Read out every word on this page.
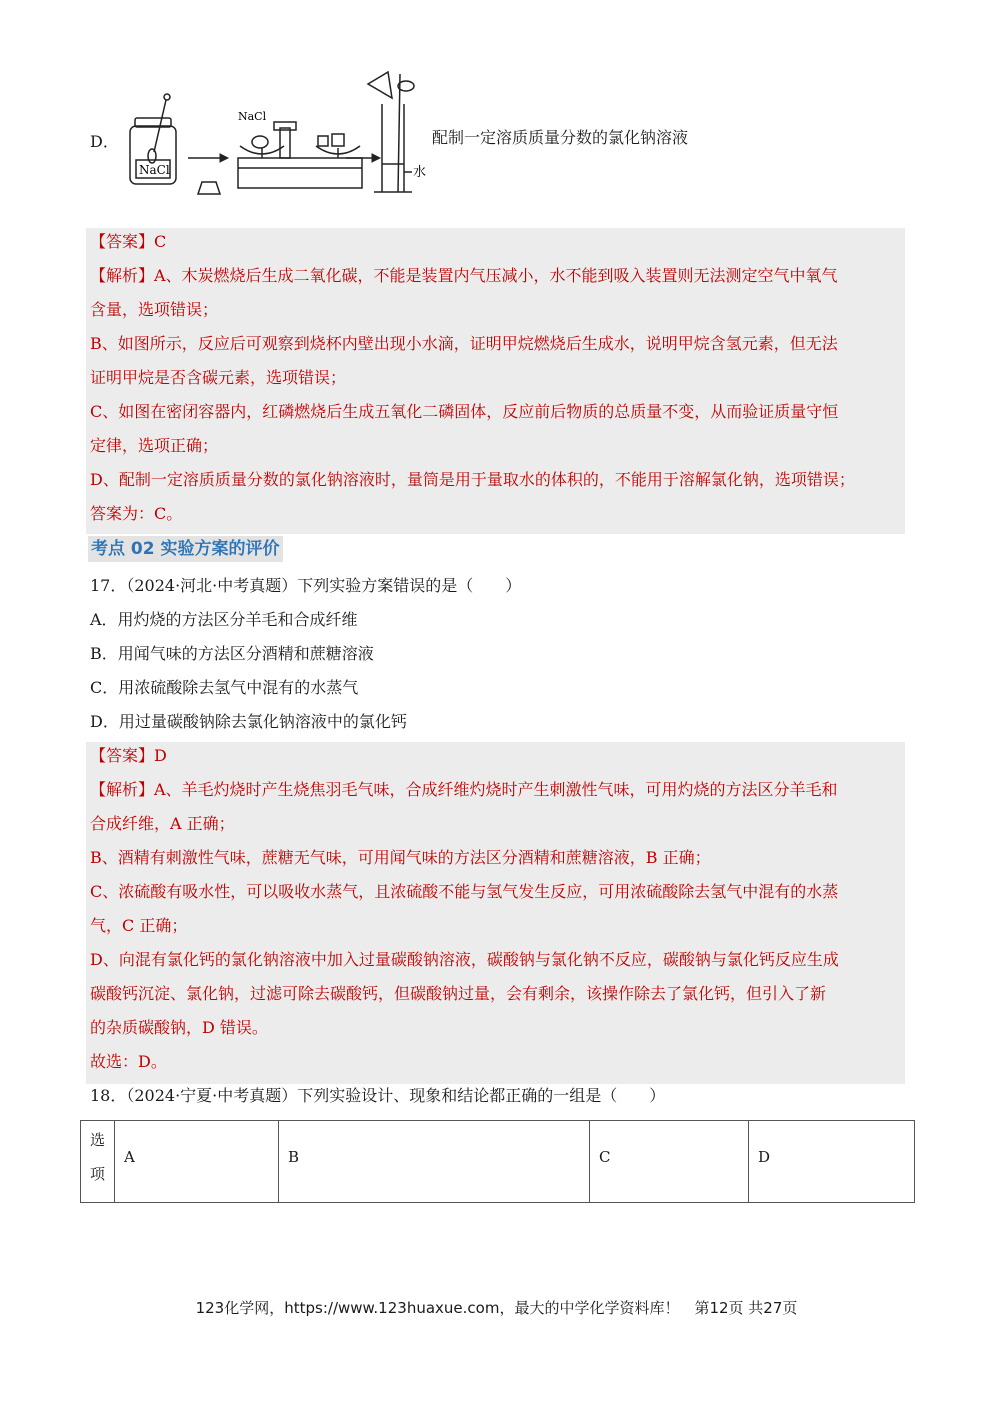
D．
NaCl
NaCl
水
配制一定溶质质量分数的氯化钠溶液
【答案】C
【解析】A、木炭燃烧后生成二氧化碳，不能是装置内气压减小，水不能到吸入装置则无法测定空气中氧气
含量，选项错误；
B、如图所示，反应后可观察到烧杯内壁出现小水滴，证明甲烷燃烧后生成水，说明甲烷含氢元素，但无法
证明甲烷是否含碳元素，选项错误；
C、如图在密闭容器内，红磷燃烧后生成五氧化二磷固体，反应前后物质的总质量不变，从而验证质量守恒
定律，选项正确；
D、配制一定溶质质量分数的氯化钠溶液时，量筒是用于量取水的体积的，不能用于溶解氯化钠，选项错误；
答案为：C。
考点 02 实验方案的评价
17．（2024·河北·中考真题）下列实验方案错误的是（　　）
A．用灼烧的方法区分羊毛和合成纤维
B．用闻气味的方法区分酒精和蔗糖溶液
C．用浓硫酸除去氢气中混有的水蒸气
D．用过量碳酸钠除去氯化钠溶液中的氯化钙
【答案】D
【解析】A、羊毛灼烧时产生烧焦羽毛气味，合成纤维灼烧时产生刺激性气味，可用灼烧的方法区分羊毛和
合成纤维，A 正确；
B、酒精有刺激性气味，蔗糖无气味，可用闻气味的方法区分酒精和蔗糖溶液，B 正确；
C、浓硫酸有吸水性，可以吸收水蒸气，且浓硫酸不能与氢气发生反应，可用浓硫酸除去氢气中混有的水蒸
气，C 正确；
D、向混有氯化钙的氯化钠溶液中加入过量碳酸钠溶液，碳酸钠与氯化钠不反应，碳酸钠与氯化钙反应生成
碳酸钙沉淀、氯化钠，过滤可除去碳酸钙，但碳酸钠过量，会有剩余，该操作除去了氯化钙，但引入了新
的杂质碳酸钠，D 错误。
故选：D。
18．（2024·宁夏·中考真题）下列实验设计、现象和结论都正确的一组是（　　）
选
项
A	B	C	D
123化学网，https://www.123huaxue.com，最大的中学化学资料库！　第12页 共27页
